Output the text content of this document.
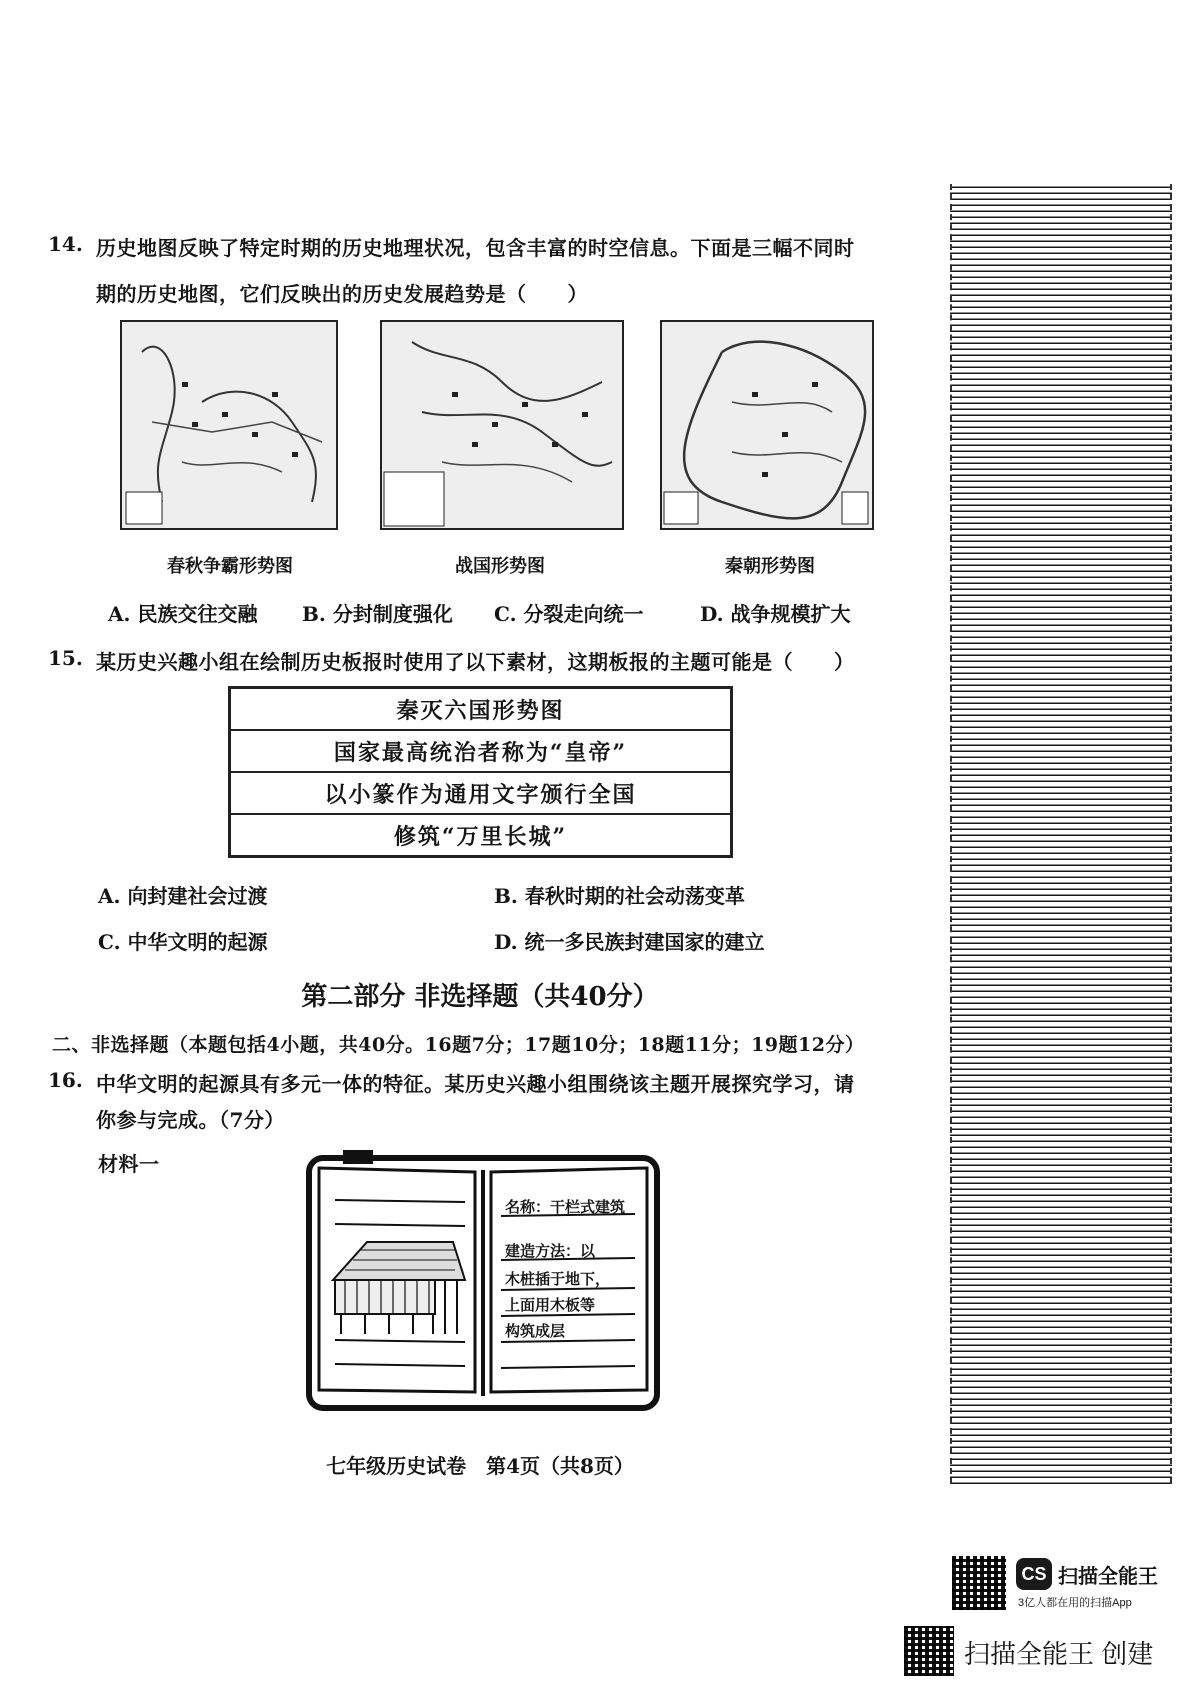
14. 历史地图反映了特定时期的历史地理状况，包含丰富的时空信息。下面是三幅不同时
期的历史地图，它们反映出的历史发展趋势是（　　）
春秋争霸形势图	战国形势图	秦朝形势图
A. 民族交往交融 B. 分封制度强化 C. 分裂走向统一	D. 战争规模扩大
15. 某历史兴趣小组在绘制历史板报时使用了以下素材，这期板报的主题可能是（　　）
秦灭六国形势图
国家最高统治者称为“皇帝”
以小篆作为通用文字颁行全国
修筑“万里长城”
A. 向封建社会过渡	B. 春秋时期的社会动荡变革
C. 中华文明的起源	D. 统一多民族封建国家的建立
第二部分 非选择题（共40分）
二、非选择题（本题包括4小题，共40分。16题7分；17题10分；18题11分；19题12分）
16. 中华文明的起源具有多元一体的特征。某历史兴趣小组围绕该主题开展探究学习，请
你参与完成。（7分）
材料一
名称：干栏式建筑
建造方法：以
木桩插于地下，
上面用木板等
构筑成层
七年级历史试卷　第4页（共8页）
CS 扫描全能王
3亿人都在用的扫描App
扫描全能王 创建
